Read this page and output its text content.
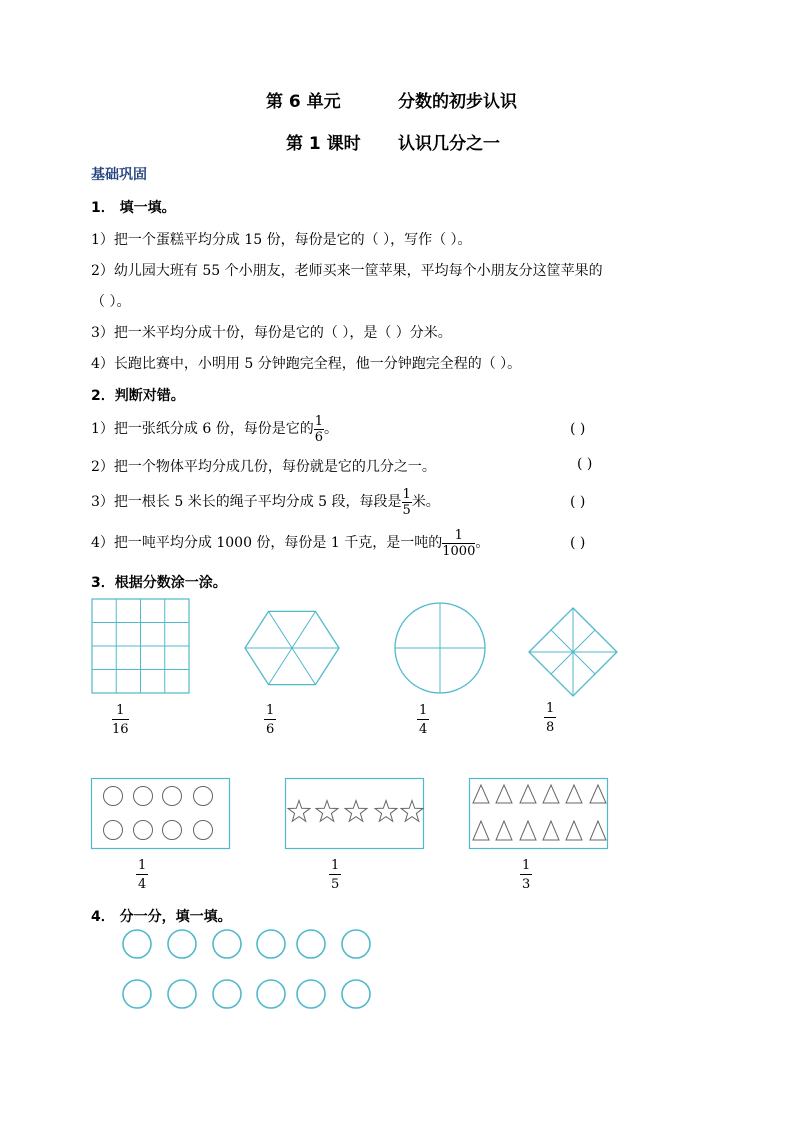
第 6 单元	分数的初步认识
第 1 课时 认识几分之一
基础巩固
1． 填一填。
1）把一个蛋糕平均分成 15 份，每份是它的（ ），写作（ ）。
2）幼儿园大班有 55 个小朋友，老师买来一筐苹果，平均每个小朋友分这筐苹果的
（ ）。
3）把一米平均分成十份，每份是它的（ ），是（ ）分米。
4）长跑比赛中，小明用 5 分钟跑完全程，他一分钟跑完全程的（ ）。
2．判断对错。
1）把一张纸分成 6 份，每份是它的 $\frac{1}{6}$ 。	( )
2）把一个物体平均分成几份，每份就是它的几分之一。	( )
3）把一根长 5 米长的绳子平均分成 5 段，每段是 $\frac{1}{5}$ 米。	( )
4）把一吨平均分成 1000 份，每份是 1 千克，是一吨的 $\frac{1}{1000}$ 。	( )
3．根据分数涂一涂。
1
16
1
6
1
4
1
8
1
4
1
5
1
3
4． 分一分，填一填。
